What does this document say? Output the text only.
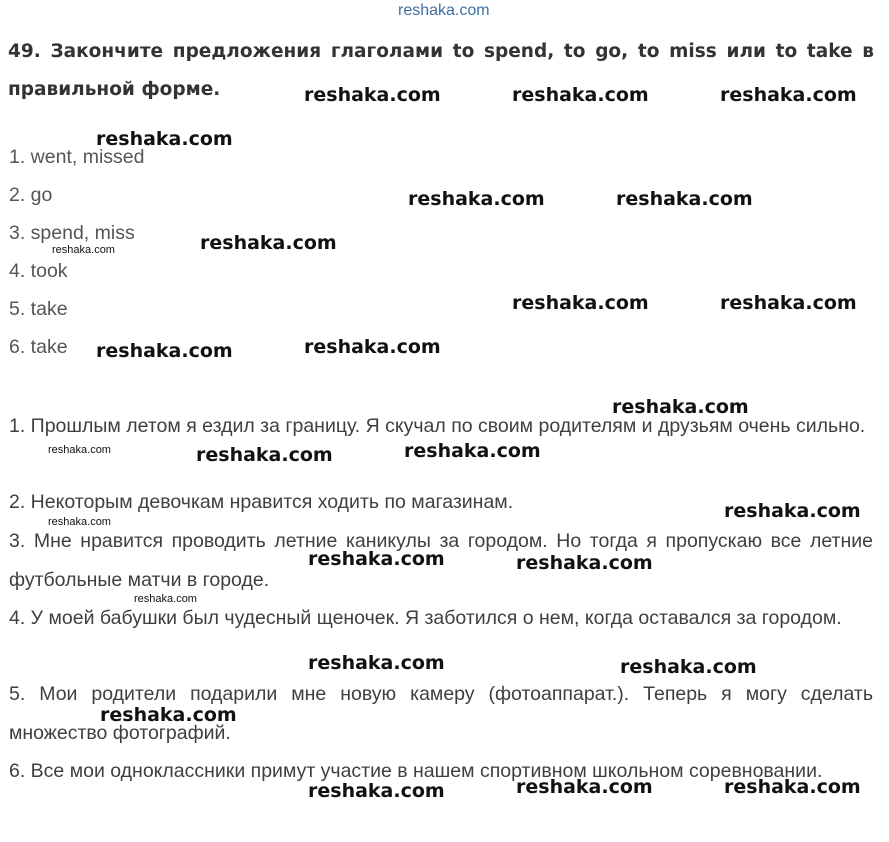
reshaka.com
49. Закончите предложения глаголами to spend, to go, to miss или to take в правильной форме.
1. went, missed
2. go
3. spend, miss
4. took
5. take
6. take
1. Прошлым летом я ездил за границу. Я скучал по своим родителям и друзьям очень сильно.
2. Некоторым девочкам нравится ходить по магазинам.
3. Мне нравится проводить летние каникулы за городом. Но тогда я пропускаю все летние футбольные матчи в городе.
4. У моей бабушки был чудесный щеночек. Я заботился о нем, когда оставался за городом.
5. Мои родители подарили мне новую камеру (фотоаппарат.). Теперь я могу сделать множество фотографий.
6. Все мои одноклассники примут участие в нашем спортивном школьном соревновании.
reshaka.com	reshaka.com	reshaka.com
reshaka.com
reshaka.com	reshaka.com
reshaka.com
reshaka.com
reshaka.com	reshaka.com
reshaka.com	reshaka.com
reshaka.com
reshaka.com	reshaka.com	reshaka.com
reshaka.com
reshaka.com
reshaka.com	reshaka.com
reshaka.com
reshaka.com	reshaka.com
reshaka.com
reshaka.com	reshaka.com	reshaka.com
